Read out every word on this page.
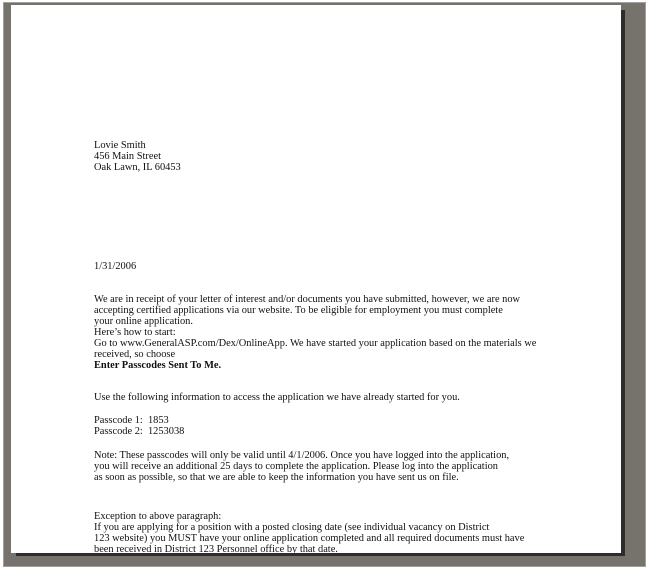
Lovie Smith
456 Main Street
Oak Lawn, IL 60453
1/31/2006
We are in receipt of your letter of interest and/or documents you have submitted, however, we are now
accepting certified applications via our website. To be eligible for employment you must complete
your online application.
Here’s how to start:
Go to www.GeneralASP.com/Dex/OnlineApp. We have started your application based on the materials we
received, so choose
Enter Passcodes Sent To Me.
Use the following information to access the application we have already started for you.
Passcode 1:  1853
Passcode 2:  1253038
Note: These passcodes will only be valid until 4/1/2006. Once you have logged into the application,
you will receive an additional 25 days to complete the application. Please log into the application
as soon as possible, so that we are able to keep the information you have sent us on file.
Exception to above paragraph:
If you are applying for a position with a posted closing date (see individual vacancy on District
123 website) you MUST have your online application completed and all required documents must have
been received in District 123 Personnel office by that date.
